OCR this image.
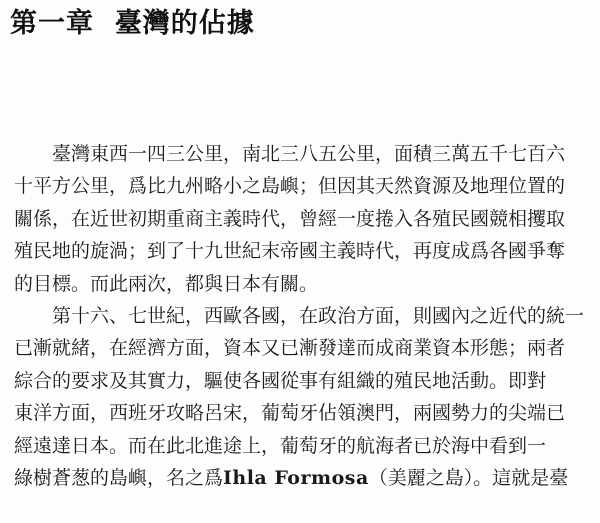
第一章 臺灣的佔據
臺灣東西一四三公里，南北三八五公里，面積三萬五千七百六
十平方公里，爲比九州略小之島嶼；但因其天然資源及地理位置的
關係，在近世初期重商主義時代，曾經一度捲入各殖民國競相攫取
殖民地的旋渦；到了十九世紀末帝國主義時代，再度成爲各國爭奪
的目標。而此兩次，都與日本有關。
第十六、七世紀，西歐各國，在政治方面，則國內之近代的統一
已漸就緒，在經濟方面，資本又已漸發達而成商業資本形態；兩者
綜合的要求及其實力，驅使各國從事有組織的殖民地活動。即對
東洋方面，西班牙攻略呂宋，葡萄牙佔領澳門，兩國勢力的尖端已
經遠達日本。而在此北進途上，葡萄牙的航海者已於海中看到一
綠樹蒼葱的島嶼，名之爲Ihla Formosa（美麗之島）。這就是臺
